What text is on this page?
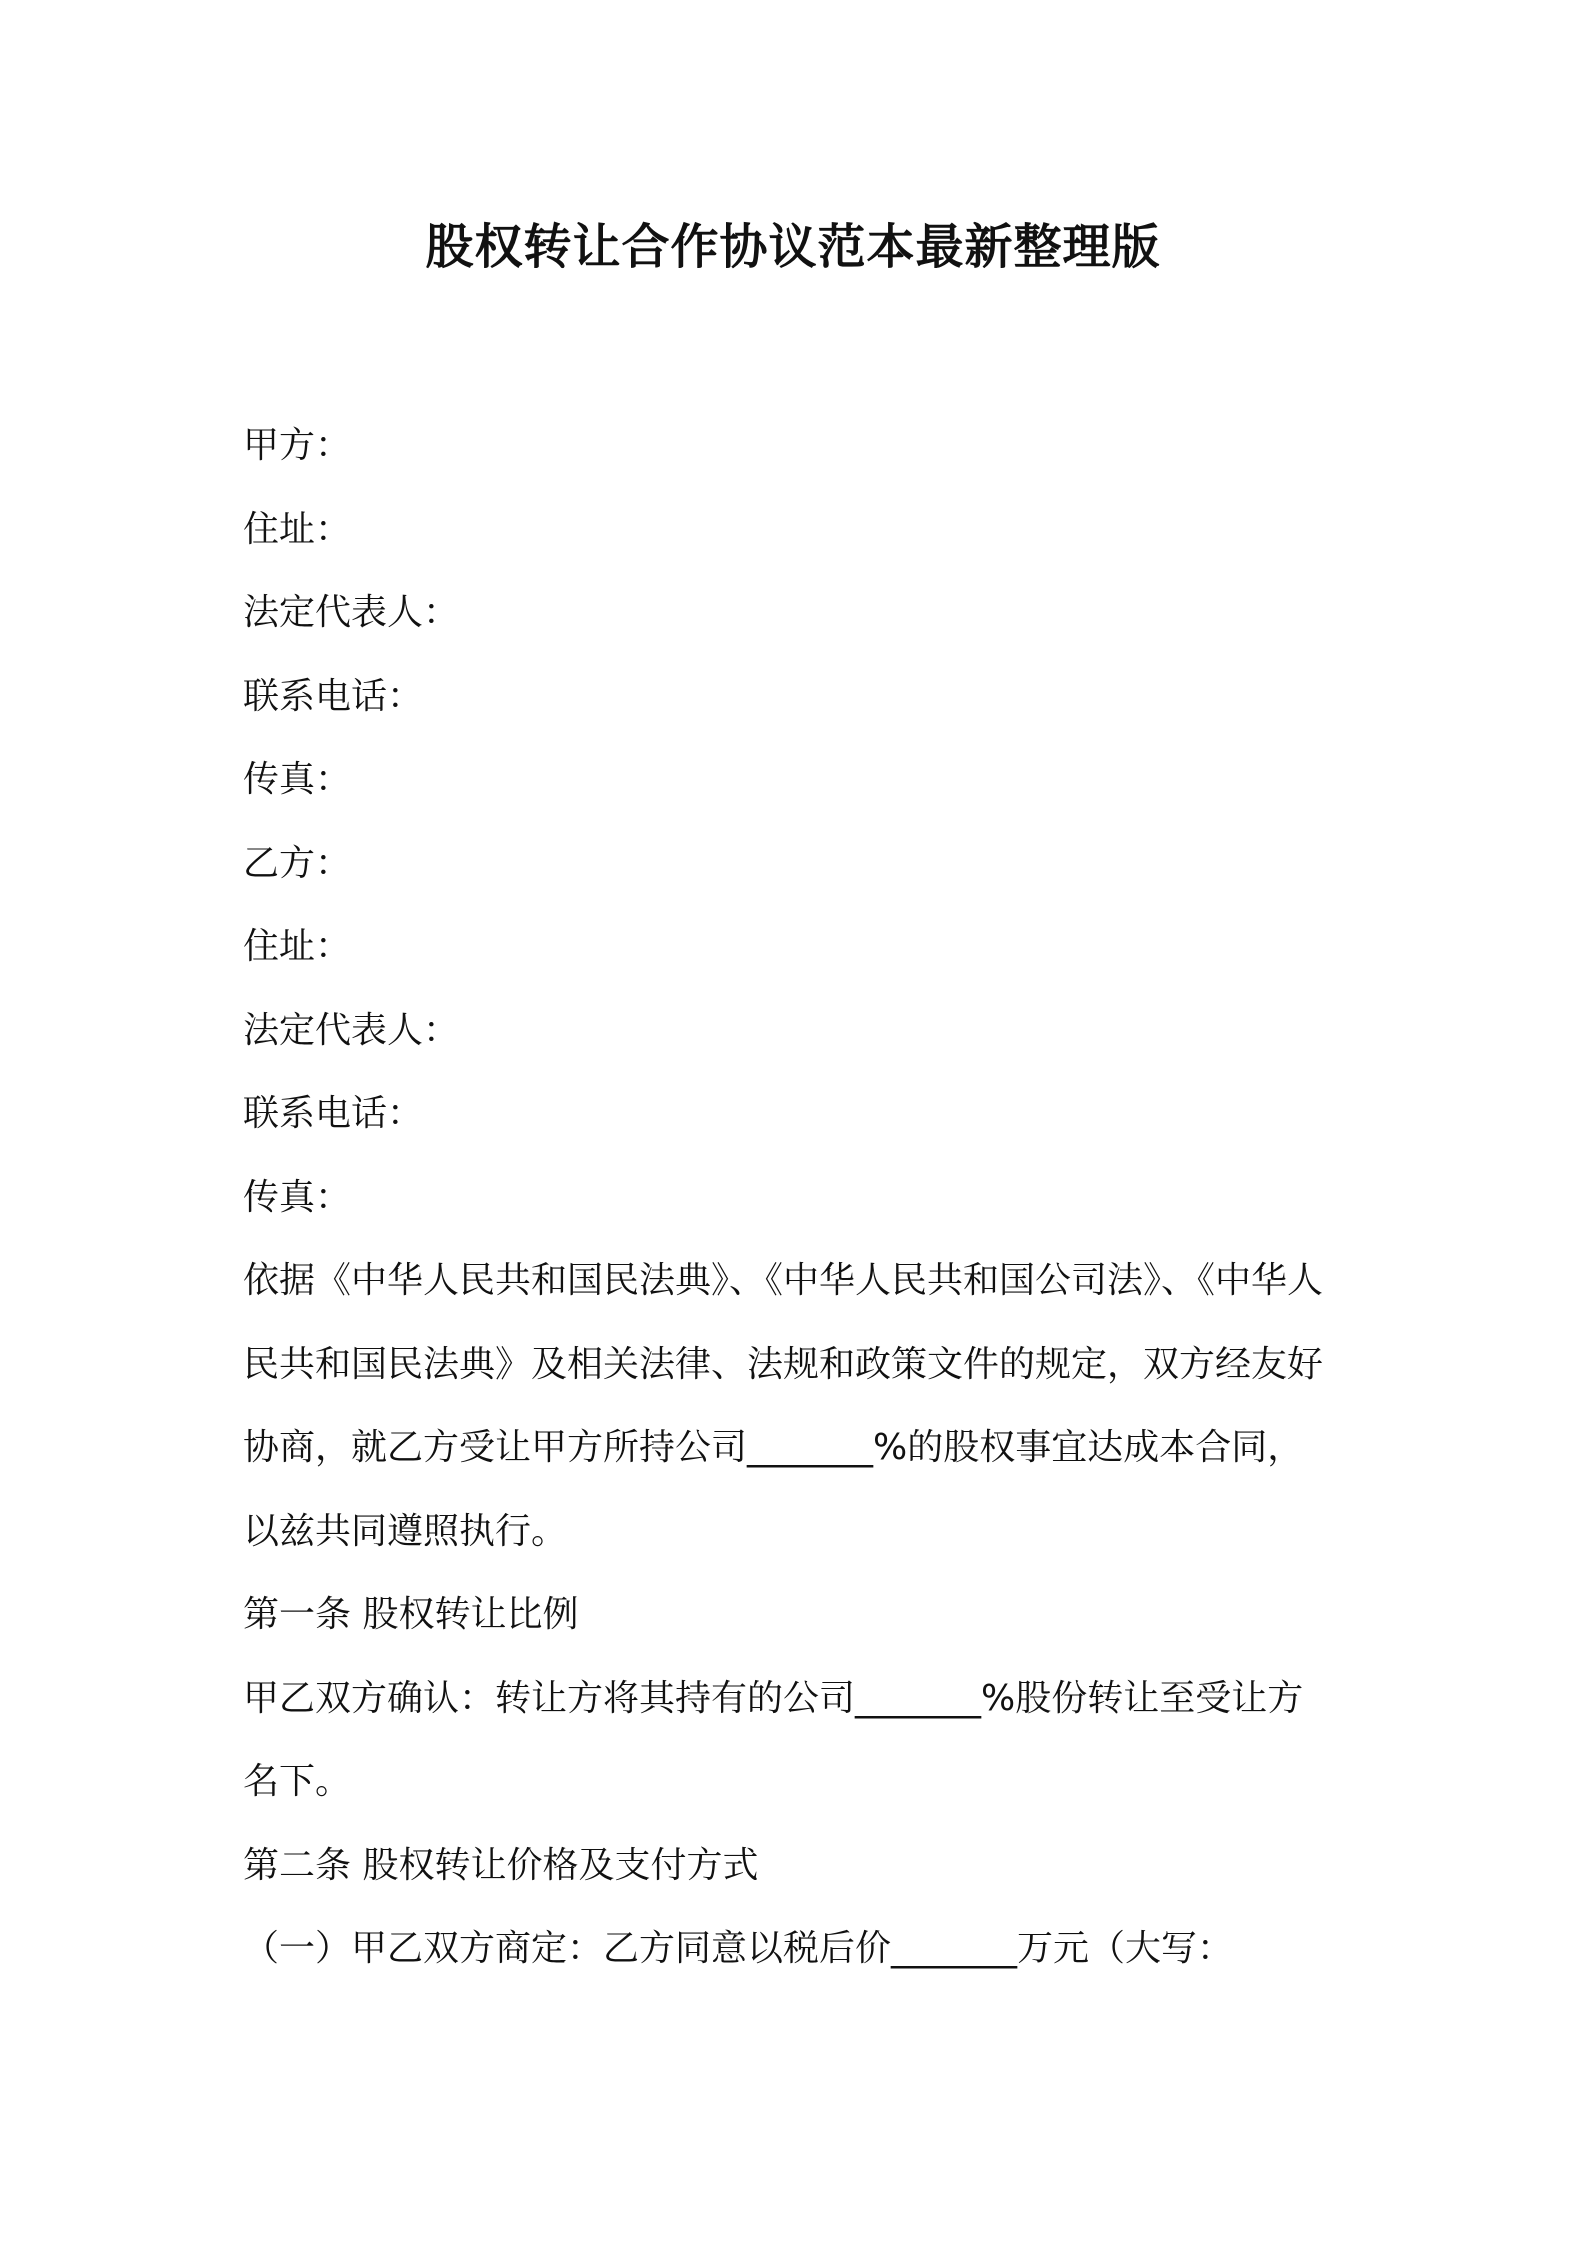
股权转让合作协议范本最新整理版
甲方：
住址：
法定代表人：
联系电话：
传真：
乙方：
住址：
法定代表人：
联系电话：
传真：
依据《中华人民共和国民法典》、《中华人民共和国公司法》、《中华人
民共和国民法典》及相关法律、法规和政策文件的规定，双方经友好
协商，就乙方受让甲方所持公司_______%的股权事宜达成本合同，
以兹共同遵照执行。
第一条 股权转让比例
甲乙双方确认：转让方将其持有的公司_______%股份转让至受让方
名下。
第二条 股权转让价格及支付方式
（一）甲乙双方商定：乙方同意以税后价_______万元（大写：
